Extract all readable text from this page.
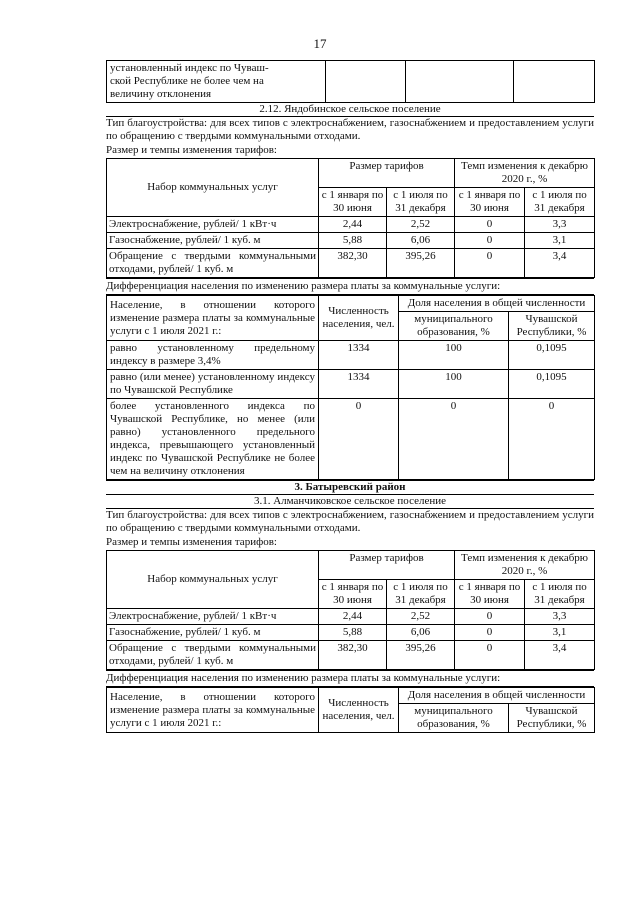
17
установленный индекс по Чуваш-
ской Республике не более чем на
величину отклонения

2.12. Яндобинское сельское поселение
Тип благоустройства: для всех типов с электроснабжением, газоснабжением и предоставлением услуги по обращению с твердыми коммунальными отходами.
Размер и темпы изменения тарифов:
Набор коммунальных услуг	Размер тарифов		Темп изменения к декабрю 2020 г., %	
	с 1 января по 30 июня	с 1 июля по 31 декабря	с 1 января по 30 июня	с 1 июля по 31 декабря
Электроснабжение, рублей/ 1 кВт·ч	2,44	2,52	0	3,3
Газоснабжение, рублей/ 1 куб. м	5,88	6,06	0	3,1
Обращение с твердыми коммунальными отходами, рублей/ 1 куб. м	382,30	395,26	0	3,4
Дифференциация населения по изменению размера платы за коммунальные услуги:
Население, в отношении которого изменение размера платы за коммунальные услуги с 1 июля 2021 г.:	Численность населения, чел.	Доля населения в общей численности	
		муниципального образования, %	Чувашской Республики, %
равно установленному предельному индексу в размере 3,4%	1334	100	0,1095
равно (или менее) установленному индексу по Чувашской Республике	1334	100	0,1095
более установленного индекса по Чувашской Республике, но менее (или равно) установленного предельного индекса, превышающего установленный индекс по Чувашской Республике не более чем на величину отклонения	0	0	0
3. Батыревский район
3.1. Алманчиковское сельское поселение
Тип благоустройства: для всех типов с электроснабжением, газоснабжением и предоставлением услуги по обращению с твердыми коммунальными отходами.
Размер и темпы изменения тарифов:
Набор коммунальных услуг	Размер тарифов		Темп изменения к декабрю 2020 г., %	
	с 1 января по 30 июня	с 1 июля по 31 декабря	с 1 января по 30 июня	с 1 июля по 31 декабря
Электроснабжение, рублей/ 1 кВт·ч	2,44	2,52	0	3,3
Газоснабжение, рублей/ 1 куб. м	5,88	6,06	0	3,1
Обращение с твердыми коммунальными отходами, рублей/ 1 куб. м	382,30	395,26	0	3,4
Дифференциация населения по изменению размера платы за коммунальные услуги:
Население, в отношении которого изменение размера платы за коммунальные услуги с 1 июля 2021 г.:	Численность населения, чел.	Доля населения в общей численности	
		муниципального образования, %	Чувашской Республики, %
